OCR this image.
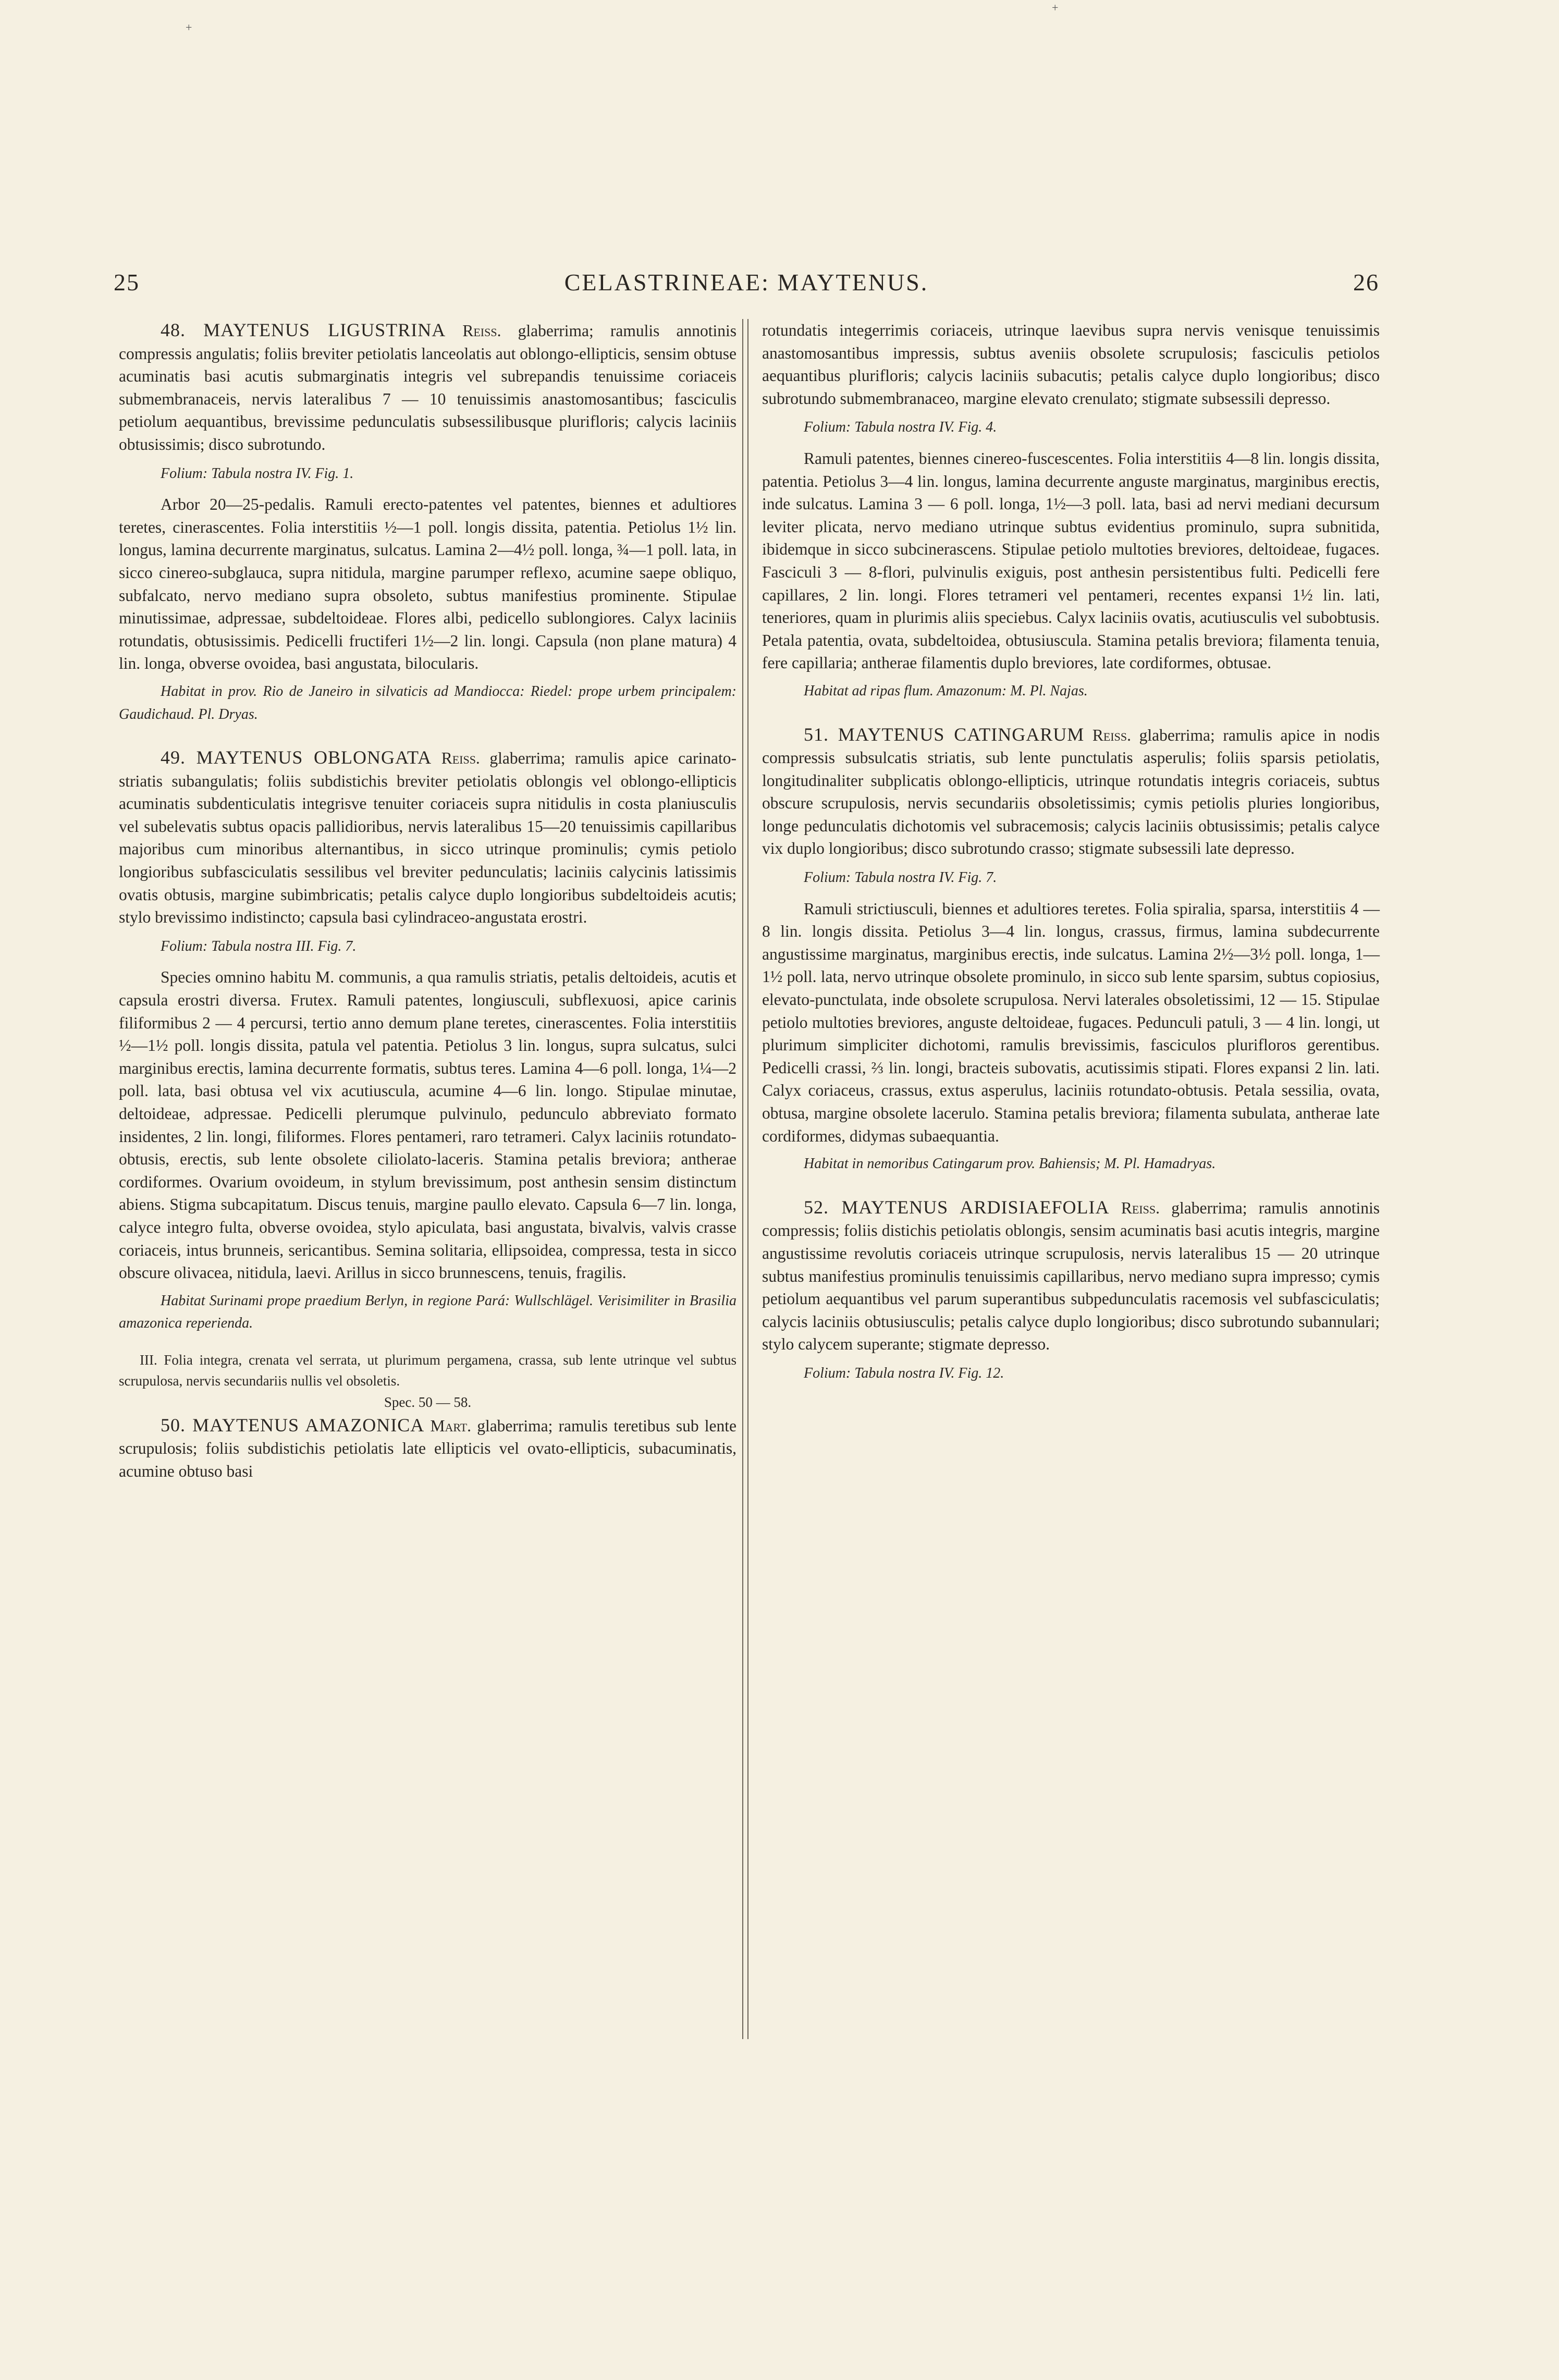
+
+
25	CELASTRINEAE: MAYTENUS.	26

48. MAYTENUS LIGUSTRINA Reiss. glaberrima; ramulis annotinis compressis angulatis; foliis breviter petiolatis lanceolatis aut oblongo-ellipticis, sensim obtuse acuminatis basi acutis submarginatis integris vel subrepandis tenuissime coriaceis submembranaceis, nervis lateralibus 7 — 10 tenuissimis anastomosantibus; fasciculis petiolum aequantibus, brevissime pedunculatis subsessilibusque plurifloris; calycis laciniis obtusissimis; disco subrotundo.

Folium: Tabula nostra IV. Fig. 1.

Arbor 20—25-pedalis. Ramuli erecto-patentes vel patentes, biennes et adultiores teretes, cinerascentes. Folia interstitiis ½—1 poll. longis dissita, patentia. Petiolus 1½ lin. longus, lamina decurrente marginatus, sulcatus. Lamina 2—4½ poll. longa, ¾—1 poll. lata, in sicco cinereo-subglauca, supra nitidula, margine parumper reflexo, acumine saepe obliquo, subfalcato, nervo mediano supra obsoleto, subtus manifestius prominente. Stipulae minutissimae, adpressae, subdeltoideae. Flores albi, pedicello sublongiores. Calyx laciniis rotundatis, obtusissimis. Pedicelli fructiferi 1½—2 lin. longi. Capsula (non plane matura) 4 lin. longa, obverse ovoidea, basi angustata, bilocularis.

Habitat in prov. Rio de Janeiro in silvaticis ad Mandiocca: Riedel: prope urbem principalem: Gaudichaud. Pl. Dryas.

49. MAYTENUS OBLONGATA Reiss. glaberrima; ramulis apice carinato-striatis subangulatis; foliis subdistichis breviter petiolatis oblongis vel oblongo-ellipticis acuminatis subdenticulatis integrisve tenuiter coriaceis supra nitidulis in costa planiusculis vel subelevatis subtus opacis pallidioribus, nervis lateralibus 15—20 tenuissimis capillaribus majoribus cum minoribus alternantibus, in sicco utrinque prominulis; cymis petiolo longioribus subfasciculatis sessilibus vel breviter pedunculatis; laciniis calycinis latissimis ovatis obtusis, margine subimbricatis; petalis calyce duplo longioribus subdeltoideis acutis; stylo brevissimo indistincto; capsula basi cylindraceo-angustata erostri.

Folium: Tabula nostra III. Fig. 7.

Species omnino habitu M. communis, a qua ramulis striatis, petalis deltoideis, acutis et capsula erostri diversa. Frutex. Ramuli patentes, longiusculi, subflexuosi, apice carinis filiformibus 2 — 4 percursi, tertio anno demum plane teretes, cinerascentes. Folia interstitiis ½—1½ poll. longis dissita, patula vel patentia. Petiolus 3 lin. longus, supra sulcatus, sulci marginibus erectis, lamina decurrente formatis, subtus teres. Lamina 4—6 poll. longa, 1¼—2 poll. lata, basi obtusa vel vix acutiuscula, acumine 4—6 lin. longo. Stipulae minutae, deltoideae, adpressae. Pedicelli plerumque pulvinulo, pedunculo abbreviato formato insidentes, 2 lin. longi, filiformes. Flores pentameri, raro tetrameri. Calyx laciniis rotundato-obtusis, erectis, sub lente obsolete ciliolato-laceris. Stamina petalis breviora; antherae cordiformes. Ovarium ovoideum, in stylum brevissimum, post anthesin sensim distinctum abiens. Stigma subcapitatum. Discus tenuis, margine paullo elevato. Capsula 6—7 lin. longa, calyce integro fulta, obverse ovoidea, stylo apiculata, basi angustata, bivalvis, valvis crasse coriaceis, intus brunneis, sericantibus. Semina solitaria, ellipsoidea, compressa, testa in sicco obscure olivacea, nitidula, laevi. Arillus in sicco brunnescens, tenuis, fragilis.

Habitat Surinami prope praedium Berlyn, in regione Pará: Wullschlägel. Verisimiliter in Brasilia amazonica reperienda.

III. Folia integra, crenata vel serrata, ut plurimum pergamena, crassa, sub lente utrinque vel subtus scrupulosa, nervis secundariis nullis vel obsoletis.

Spec. 50 — 58.

50. MAYTENUS AMAZONICA Mart. glaberrima; ramulis teretibus sub lente scrupulosis; foliis subdistichis petiolatis late ellipticis vel ovato-ellipticis, subacuminatis, acumine obtuso basi

rotundatis integerrimis coriaceis, utrinque laevibus supra nervis venisque tenuissimis anastomosantibus impressis, subtus aveniis obsolete scrupulosis; fasciculis petiolos aequantibus plurifloris; calycis laciniis subacutis; petalis calyce duplo longioribus; disco subrotundo submembranaceo, margine elevato crenulato; stigmate subsessili depresso.

Folium: Tabula nostra IV. Fig. 4.

Ramuli patentes, biennes cinereo-fuscescentes. Folia interstitiis 4—8 lin. longis dissita, patentia. Petiolus 3—4 lin. longus, lamina decurrente anguste marginatus, marginibus erectis, inde sulcatus. Lamina 3 — 6 poll. longa, 1½—3 poll. lata, basi ad nervi mediani decursum leviter plicata, nervo mediano utrinque subtus evidentius prominulo, supra subnitida, ibidemque in sicco subcinerascens. Stipulae petiolo multoties breviores, deltoideae, fugaces. Fasciculi 3 — 8-flori, pulvinulis exiguis, post anthesin persistentibus fulti. Pedicelli fere capillares, 2 lin. longi. Flores tetrameri vel pentameri, recentes expansi 1½ lin. lati, teneriores, quam in plurimis aliis speciebus. Calyx laciniis ovatis, acutiusculis vel subobtusis. Petala patentia, ovata, subdeltoidea, obtusiuscula. Stamina petalis breviora; filamenta tenuia, fere capillaria; antherae filamentis duplo breviores, late cordiformes, obtusae.

Habitat ad ripas flum. Amazonum: M. Pl. Najas.

51. MAYTENUS CATINGARUM Reiss. glaberrima; ramulis apice in nodis compressis subsulcatis striatis, sub lente punctulatis asperulis; foliis sparsis petiolatis, longitudinaliter subplicatis oblongo-ellipticis, utrinque rotundatis integris coriaceis, subtus obscure scrupulosis, nervis secundariis obsoletissimis; cymis petiolis pluries longioribus, longe pedunculatis dichotomis vel subracemosis; calycis laciniis obtusissimis; petalis calyce vix duplo longioribus; disco subrotundo crasso; stigmate subsessili late depresso.

Folium: Tabula nostra IV. Fig. 7.

Ramuli strictiusculi, biennes et adultiores teretes. Folia spiralia, sparsa, interstitiis 4 — 8 lin. longis dissita. Petiolus 3—4 lin. longus, crassus, firmus, lamina subdecurrente angustissime marginatus, marginibus erectis, inde sulcatus. Lamina 2½—3½ poll. longa, 1—1½ poll. lata, nervo utrinque obsolete prominulo, in sicco sub lente sparsim, subtus copiosius, elevato-punctulata, inde obsolete scrupulosa. Nervi laterales obsoletissimi, 12 — 15. Stipulae petiolo multoties breviores, anguste deltoideae, fugaces. Pedunculi patuli, 3 — 4 lin. longi, ut plurimum simpliciter dichotomi, ramulis brevissimis, fasciculos plurifloros gerentibus. Pedicelli crassi, ⅔ lin. longi, bracteis subovatis, acutissimis stipati. Flores expansi 2 lin. lati. Calyx coriaceus, crassus, extus asperulus, laciniis rotundato-obtusis. Petala sessilia, ovata, obtusa, margine obsolete lacerulo. Stamina petalis breviora; filamenta subulata, antherae late cordiformes, didymas subaequantia.

Habitat in nemoribus Catingarum prov. Bahiensis; M. Pl. Hamadryas.

52. MAYTENUS ARDISIAEFOLIA Reiss. glaberrima; ramulis annotinis compressis; foliis distichis petiolatis oblongis, sensim acuminatis basi acutis integris, margine angustissime revolutis coriaceis utrinque scrupulosis, nervis lateralibus 15 — 20 utrinque subtus manifestius prominulis tenuissimis capillaribus, nervo mediano supra impresso; cymis petiolum aequantibus vel parum superantibus subpedunculatis racemosis vel subfasciculatis; calycis laciniis obtusiusculis; petalis calyce duplo longioribus; disco subrotundo subannulari; stylo calycem superante; stigmate depresso.

Folium: Tabula nostra IV. Fig. 12.
